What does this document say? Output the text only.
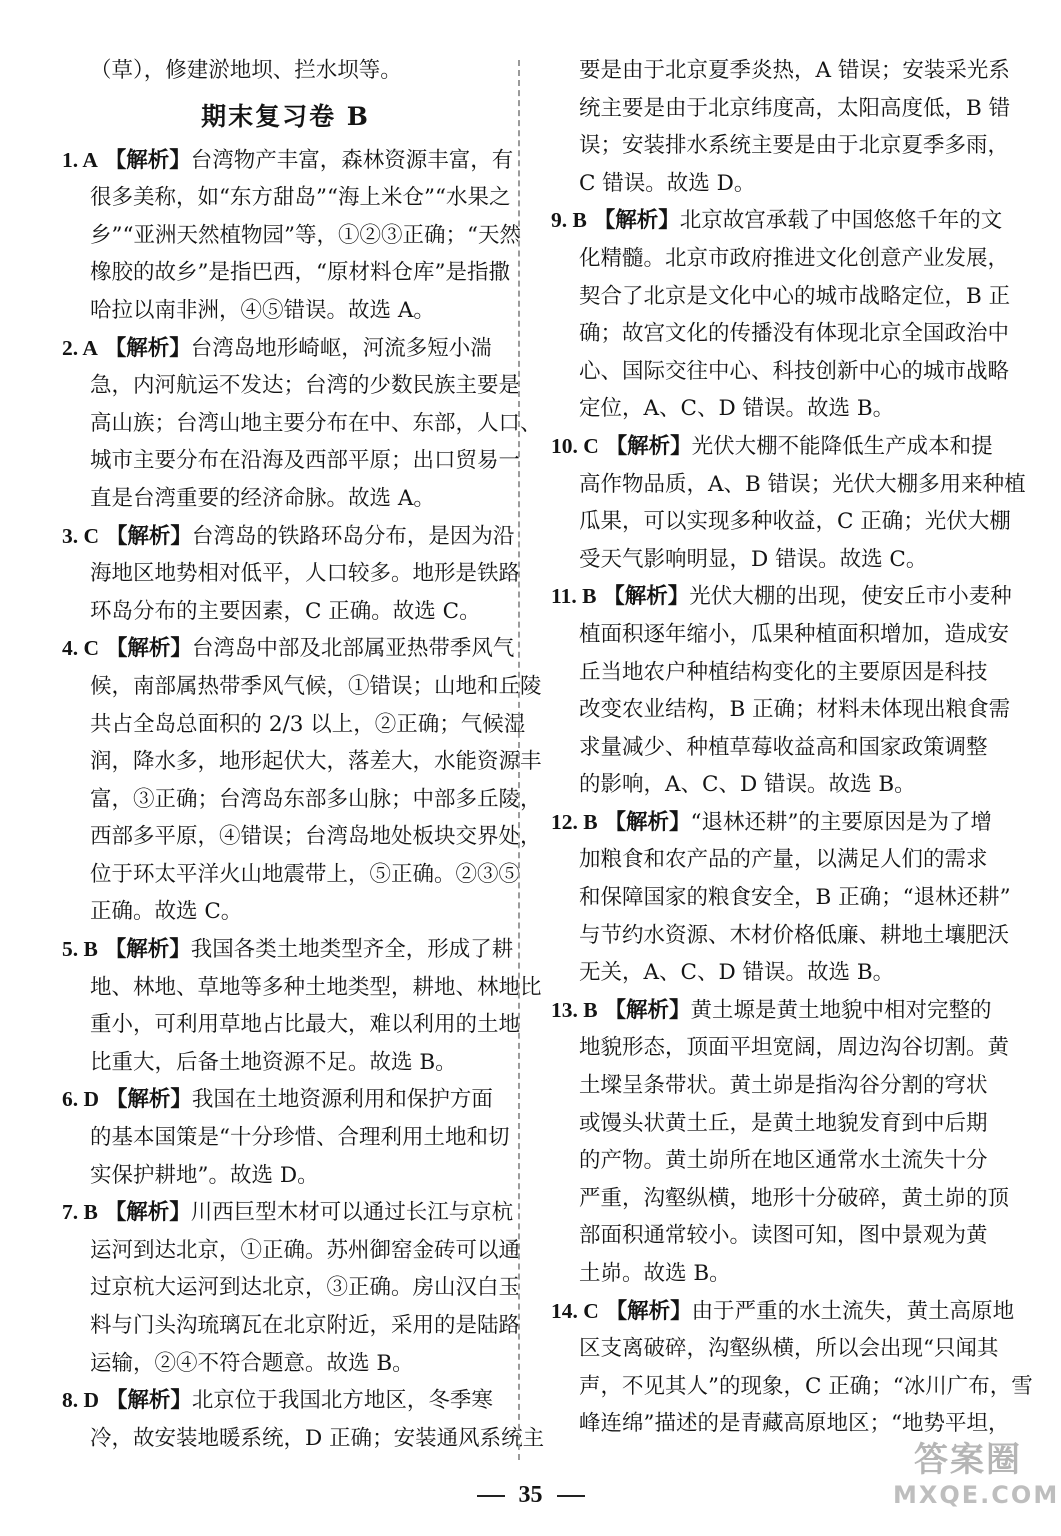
（草），修建淤地坝、拦水坝等。
期末复习卷 B
1. A 【解析】台湾物产丰富，森林资源丰富，有
很多美称，如“东方甜岛”“海上米仓”“水果之
乡”“亚洲天然植物园”等，①②③正确；“天然
橡胶的故乡”是指巴西，“原材料仓库”是指撒
哈拉以南非洲，④⑤错误。故选 A。
2. A 【解析】台湾岛地形崎岖，河流多短小湍
急，内河航运不发达；台湾的少数民族主要是
高山族；台湾山地主要分布在中、东部，人口、
城市主要分布在沿海及西部平原；出口贸易一
直是台湾重要的经济命脉。故选 A。
3. C 【解析】台湾岛的铁路环岛分布，是因为沿
海地区地势相对低平，人口较多。地形是铁路
环岛分布的主要因素，C 正确。故选 C。
4. C 【解析】台湾岛中部及北部属亚热带季风气
候，南部属热带季风气候，①错误；山地和丘陵
共占全岛总面积的 2/3 以上，②正确；气候湿
润，降水多，地形起伏大，落差大，水能资源丰
富，③正确；台湾岛东部多山脉；中部多丘陵，
西部多平原，④错误；台湾岛地处板块交界处，
位于环太平洋火山地震带上，⑤正确。②③⑤
正确。故选 C。
5. B 【解析】我国各类土地类型齐全，形成了耕
地、林地、草地等多种土地类型，耕地、林地比
重小，可利用草地占比最大，难以利用的土地
比重大，后备土地资源不足。故选 B。
6. D 【解析】我国在土地资源利用和保护方面
的基本国策是“十分珍惜、合理利用土地和切
实保护耕地”。故选 D。
7. B 【解析】川西巨型木材可以通过长江与京杭
运河到达北京，①正确。苏州御窑金砖可以通
过京杭大运河到达北京，③正确。房山汉白玉
料与门头沟琉璃瓦在北京附近，采用的是陆路
运输，②④不符合题意。故选 B。
8. D 【解析】北京位于我国北方地区，冬季寒
冷，故安装地暖系统，D 正确；安装通风系统主
要是由于北京夏季炎热，A 错误；安装采光系
统主要是由于北京纬度高，太阳高度低，B 错
误；安装排水系统主要是由于北京夏季多雨，
C 错误。故选 D。
9. B 【解析】北京故宫承载了中国悠悠千年的文
化精髓。北京市政府推进文化创意产业发展，
契合了北京是文化中心的城市战略定位，B 正
确；故宫文化的传播没有体现北京全国政治中
心、国际交往中心、科技创新中心的城市战略
定位，A、C、D 错误。故选 B。
10. C 【解析】光伏大棚不能降低生产成本和提
高作物品质，A、B 错误；光伏大棚多用来种植
瓜果，可以实现多种收益，C 正确；光伏大棚
受天气影响明显，D 错误。故选 C。
11. B 【解析】光伏大棚的出现，使安丘市小麦种
植面积逐年缩小，瓜果种植面积增加，造成安
丘当地农户种植结构变化的主要原因是科技
改变农业结构，B 正确；材料未体现出粮食需
求量减少、种植草莓收益高和国家政策调整
的影响，A、C、D 错误。故选 B。
12. B 【解析】“退林还耕”的主要原因是为了增
加粮食和农产品的产量，以满足人们的需求
和保障国家的粮食安全，B 正确；“退林还耕”
与节约水资源、木材价格低廉、耕地土壤肥沃
无关，A、C、D 错误。故选 B。
13. B 【解析】黄土塬是黄土地貌中相对完整的
地貌形态，顶面平坦宽阔，周边沟谷切割。黄
土墚呈条带状。黄土峁是指沟谷分割的穹状
或馒头状黄土丘，是黄土地貌发育到中后期
的产物。黄土峁所在地区通常水土流失十分
严重，沟壑纵横，地形十分破碎，黄土峁的顶
部面积通常较小。读图可知，图中景观为黄
土峁。故选 B。
14. C 【解析】由于严重的水土流失，黄土高原地
区支离破碎，沟壑纵横，所以会出现“只闻其
声，不见其人”的现象，C 正确；“冰川广布，雪
峰连绵”描述的是青藏高原地区；“地势平坦，
35
答案圈
MXQE.COM
